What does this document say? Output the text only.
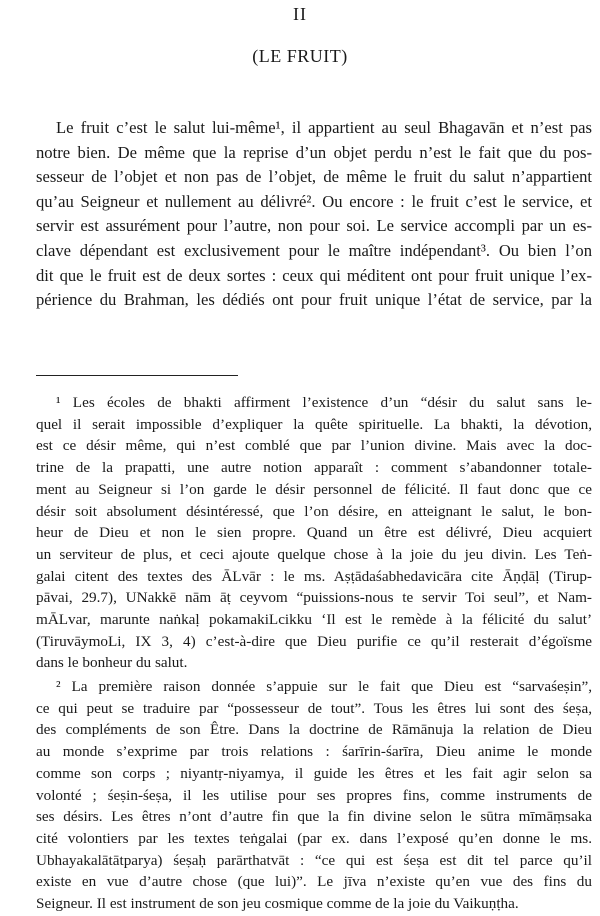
II
(LE FRUIT)
Le fruit c’est le salut lui-même¹, il appartient au seul Bhagavān et n’est pas
notre bien. De même que la reprise d’un objet perdu n’est le fait que du pos-
sesseur de l’objet et non pas de l’objet, de même le fruit du salut n’appartient
qu’au Seigneur et nullement au délivré². Ou encore : le fruit c’est le service, et
servir est assurément pour l’autre, non pour soi. Le service accompli par un es-
clave dépendant est exclusivement pour le maître indépendant³. Ou bien l’on
dit que le fruit est de deux sortes : ceux qui méditent ont pour fruit unique l’ex-
périence du Brahman, les dédiés ont pour fruit unique l’état de service, par la
¹ Les écoles de bhakti affirment l’existence d’un “désir du salut sans le-
quel il serait impossible d’expliquer la quête spirituelle. La bhakti, la dévotion,
est ce désir même, qui n’est comblé que par l’union divine. Mais avec la doc-
trine de la prapatti, une autre notion apparaît : comment s’abandonner totale-
ment au Seigneur si l’on garde le désir personnel de félicité. Il faut donc que ce
désir soit absolument désintéressé, que l’on désire, en atteignant le salut, le bon-
heur de Dieu et non le sien propre. Quand un être est délivré, Dieu acquiert
un serviteur de plus, et ceci ajoute quelque chose à la joie du jeu divin. Les Teṅ-
galai citent des textes des ĀLvār : le ms. Aṣṭādaśabhedavicāra cite Āṇḍāḷ (Tirup-
pāvai, 29.7), UNakkē nām āṭ ceyvom “puissions-nous te servir Toi seul”, et Nam-
mĀLvar, marunte naṅkaḷ pokamakiLcikku ‘Il est le remède à la félicité du salut’
(TiruvāymoLi, IX 3, 4) c’est-à-dire que Dieu purifie ce qu’il resterait d’égoïsme
dans le bonheur du salut.
² La première raison donnée s’appuie sur le fait que Dieu est “sarvaśeṣin”,
ce qui peut se traduire par “possesseur de tout”. Tous les êtres lui sont des śeṣa,
des compléments de son Être. Dans la doctrine de Rāmānuja la relation de Dieu
au monde s’exprime par trois relations : śarīrin-śarīra, Dieu anime le monde
comme son corps ; niyantṛ-niyamya, il guide les êtres et les fait agir selon sa
volonté ; śeṣin-śeṣa, il les utilise pour ses propres fins, comme instruments de
ses désirs. Les êtres n’ont d’autre fin que la fin divine selon le sūtra mīmāṃsaka
cité volontiers par les textes teṅgalai (par ex. dans l’exposé qu’en donne le ms.
Ubhayakalātātparya) śeṣaḥ parārthatvāt : “ce qui est śeṣa est dit tel parce qu’il
existe en vue d’autre chose (que lui)”. Le jīva n’existe qu’en vue des fins du
Seigneur. Il est instrument de son jeu cosmique comme de la joie du Vaikuṇṭha.
